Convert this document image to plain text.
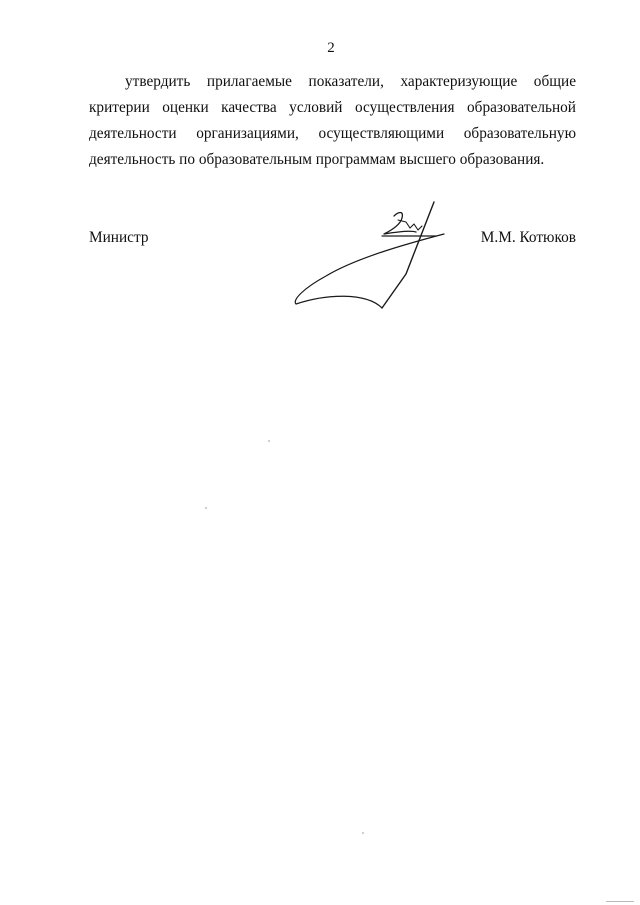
2
утвердить прилагаемые показатели, характеризующие общие
критерии оценки качества условий осуществления образовательной
деятельности организациями, осуществляющими образовательную
деятельность по образовательным программам высшего образования.
Министр	М.М. Котюков
